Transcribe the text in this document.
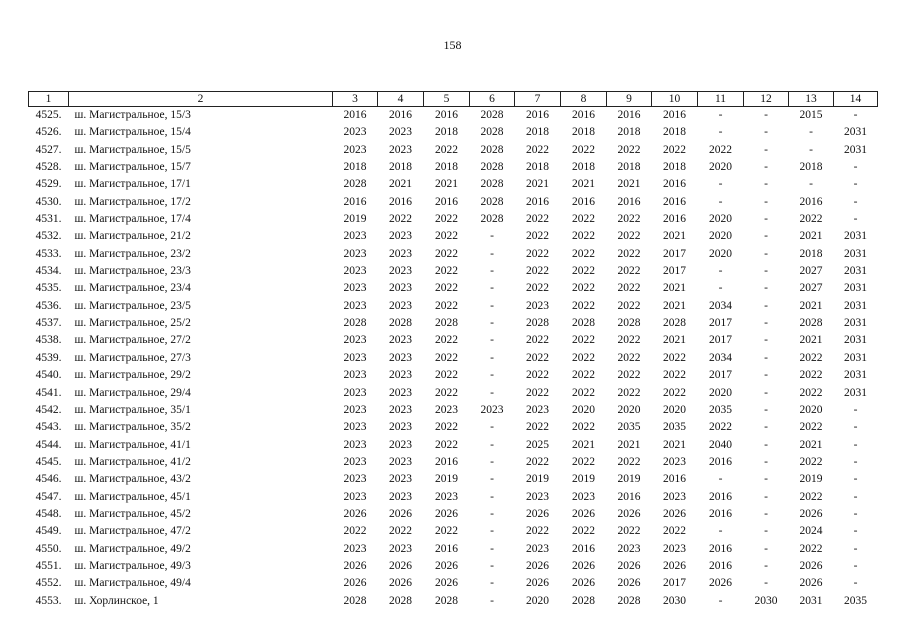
158
1	2	3	4	5	6	7	8	9	10	11	12	13	14
4525.	ш. Магистральное, 15/3	2016	2016	2016	2028	2016	2016	2016	2016	-	-	2015	-
4526.	ш. Магистральное, 15/4	2023	2023	2018	2028	2018	2018	2018	2018	-	-	-	2031
4527.	ш. Магистральное, 15/5	2023	2023	2022	2028	2022	2022	2022	2022	2022	-	-	2031
4528.	ш. Магистральное, 15/7	2018	2018	2018	2028	2018	2018	2018	2018	2020	-	2018	-
4529.	ш. Магистральное, 17/1	2028	2021	2021	2028	2021	2021	2021	2016	-	-	-	-
4530.	ш. Магистральное, 17/2	2016	2016	2016	2028	2016	2016	2016	2016	-	-	2016	-
4531.	ш. Магистральное, 17/4	2019	2022	2022	2028	2022	2022	2022	2016	2020	-	2022	-
4532.	ш. Магистральное, 21/2	2023	2023	2022	-	2022	2022	2022	2021	2020	-	2021	2031
4533.	ш. Магистральное, 23/2	2023	2023	2022	-	2022	2022	2022	2017	2020	-	2018	2031
4534.	ш. Магистральное, 23/3	2023	2023	2022	-	2022	2022	2022	2017	-	-	2027	2031
4535.	ш. Магистральное, 23/4	2023	2023	2022	-	2022	2022	2022	2021	-	-	2027	2031
4536.	ш. Магистральное, 23/5	2023	2023	2022	-	2023	2022	2022	2021	2034	-	2021	2031
4537.	ш. Магистральное, 25/2	2028	2028	2028	-	2028	2028	2028	2028	2017	-	2028	2031
4538.	ш. Магистральное, 27/2	2023	2023	2022	-	2022	2022	2022	2021	2017	-	2021	2031
4539.	ш. Магистральное, 27/3	2023	2023	2022	-	2022	2022	2022	2022	2034	-	2022	2031
4540.	ш. Магистральное, 29/2	2023	2023	2022	-	2022	2022	2022	2022	2017	-	2022	2031
4541.	ш. Магистральное, 29/4	2023	2023	2022	-	2022	2022	2022	2022	2020	-	2022	2031
4542.	ш. Магистральное, 35/1	2023	2023	2023	2023	2023	2020	2020	2020	2035	-	2020	-
4543.	ш. Магистральное, 35/2	2023	2023	2022	-	2022	2022	2035	2035	2022	-	2022	-
4544.	ш. Магистральное, 41/1	2023	2023	2022	-	2025	2021	2021	2021	2040	-	2021	-
4545.	ш. Магистральное, 41/2	2023	2023	2016	-	2022	2022	2022	2023	2016	-	2022	-
4546.	ш. Магистральное, 43/2	2023	2023	2019	-	2019	2019	2019	2016	-	-	2019	-
4547.	ш. Магистральное, 45/1	2023	2023	2023	-	2023	2023	2016	2023	2016	-	2022	-
4548.	ш. Магистральное, 45/2	2026	2026	2026	-	2026	2026	2026	2026	2016	-	2026	-
4549.	ш. Магистральное, 47/2	2022	2022	2022	-	2022	2022	2022	2022	-	-	2024	-
4550.	ш. Магистральное, 49/2	2023	2023	2016	-	2023	2016	2023	2023	2016	-	2022	-
4551.	ш. Магистральное, 49/3	2026	2026	2026	-	2026	2026	2026	2026	2016	-	2026	-
4552.	ш. Магистральное, 49/4	2026	2026	2026	-	2026	2026	2026	2017	2026	-	2026	-
4553.	ш. Хорлинское, 1	2028	2028	2028	-	2020	2028	2028	2030	-	2030	2031	2035
